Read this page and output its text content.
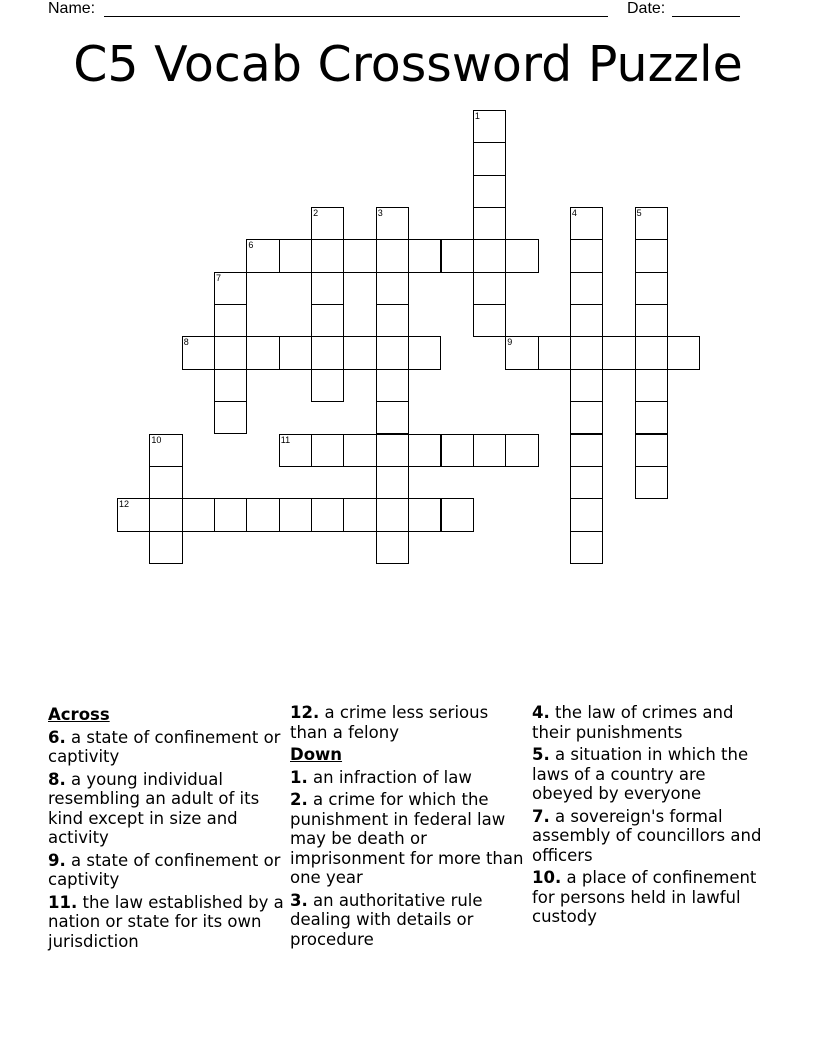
Name:	Date:
C5 Vocab Crossword Puzzle
1
2	3	4	5
6
7
8	9
10	11
12
Across
6. a state of confinement or captivity
8. a young individual resembling an adult of its kind except in size and activity
9. a state of confinement or captivity
11. the law established by a nation or state for its own jurisdiction
12. a crime less serious than a felony
Down
1. an infraction of law
2. a crime for which the punishment in federal law may be death or imprisonment for more than one year
3. an authoritative rule dealing with details or procedure
4. the law of crimes and their punishments
5. a situation in which the laws of a country are obeyed by everyone
7. a sovereign's formal assembly of councillors and officers
10. a place of confinement for persons held in lawful custody
